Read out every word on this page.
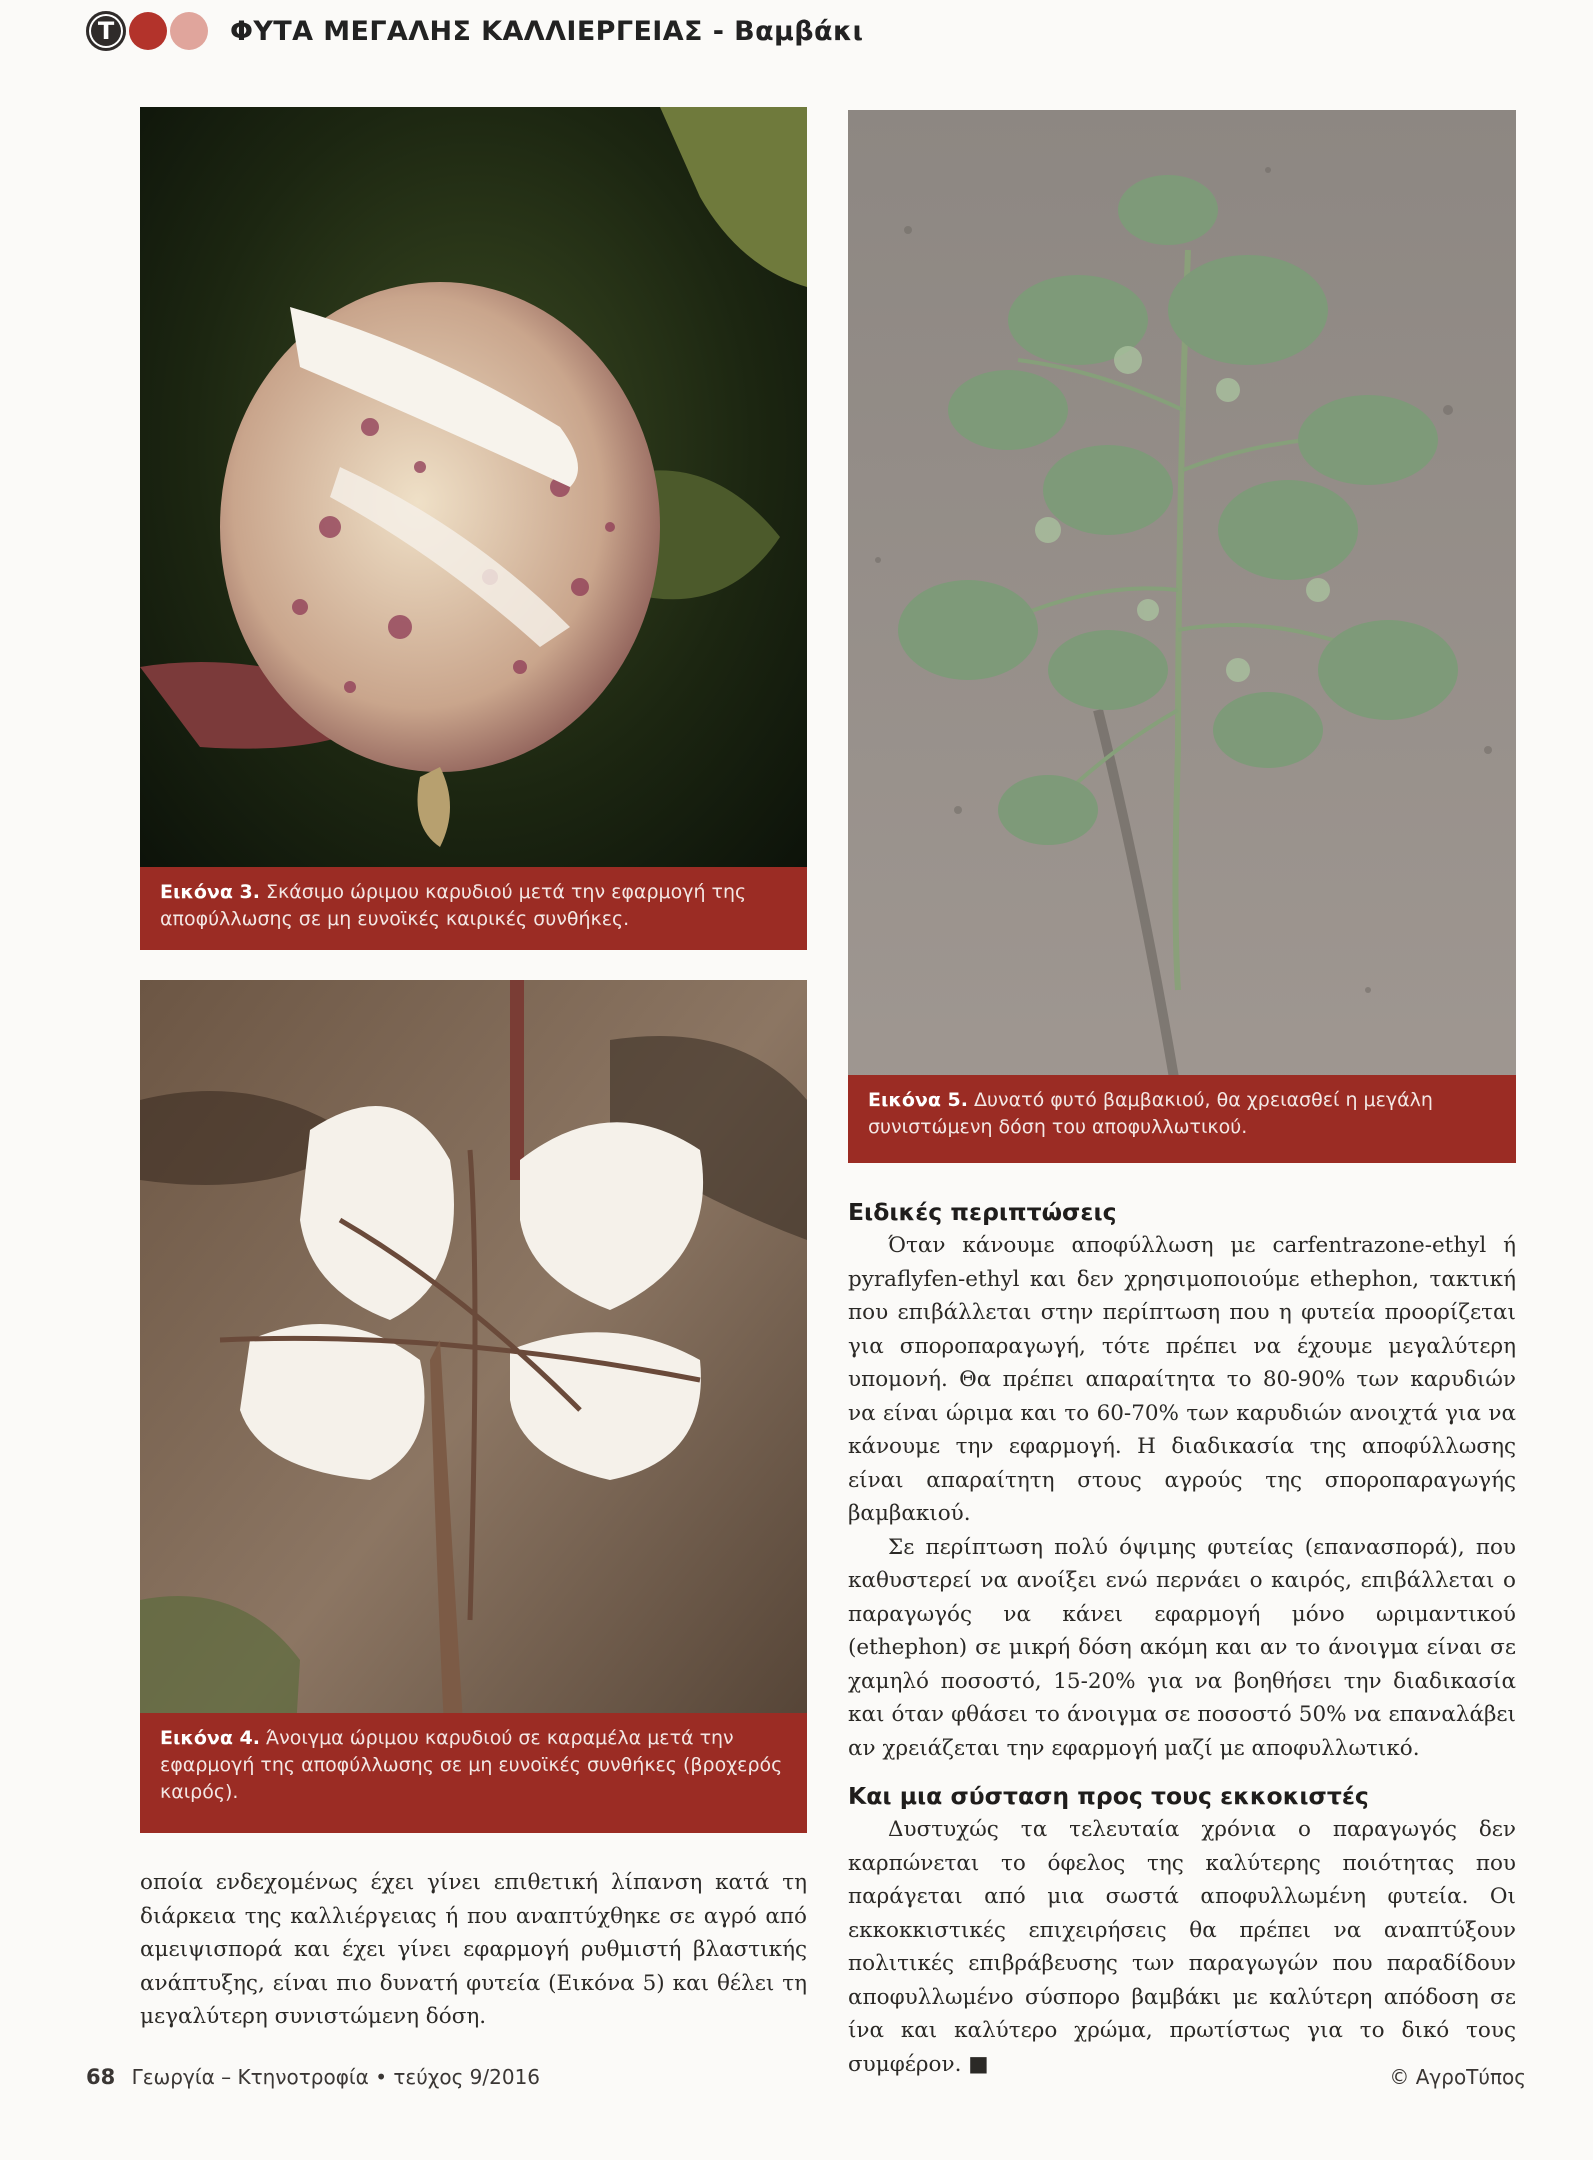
T	ΦΥΤΑ ΜΕΓΑΛΗΣ ΚΑΛΛΙΕΡΓΕΙΑΣ - Βαμβάκι
Εικόνα 3. Σκάσιμο ώριμου καρυδιού μετά την εφαρμογή της αποφύλλωσης σε μη ευνοϊκές καιρικές συνθήκες.
Εικόνα 4. Άνοιγμα ώριμου καρυδιού σε καραμέλα μετά την εφαρμογή της αποφύλλωσης σε μη ευνοϊκές συνθήκες (βροχερός καιρός).
Εικόνα 5. Δυνατό φυτό βαμβακιού, θα χρειασθεί η μεγάλη συνιστώμενη δόση του αποφυλλωτικού.

οποία ενδεχομένως έχει γίνει επιθετική λίπανση κατά τη διάρκεια της καλλιέργειας ή που αναπτύχθηκε σε αγρό από αμειψισπορά και έχει γίνει εφαρμογή ρυθμιστή βλαστικής ανάπτυξης, είναι πιο δυνατή φυτεία (Εικόνα 5) και θέλει τη μεγαλύτερη συνιστώμενη δόση.

Ειδικές περιπτώσεις

Όταν κάνουμε αποφύλλωση με carfentrazone-ethyl ή pyraflyfen-ethyl και δεν χρησιμοποιούμε ethephon, τακτική που επιβάλλεται στην περίπτωση που η φυτεία προορίζεται για σποροπαραγωγή, τότε πρέπει να έχουμε μεγαλύτερη υπομονή. Θα πρέπει απαραίτητα το 80-90% των καρυδιών να είναι ώριμα και το 60-70% των καρυδιών ανοιχτά για να κάνουμε την εφαρμογή. Η διαδικασία της αποφύλλωσης είναι απαραίτητη στους αγρούς της σποροπαραγωγής βαμβακιού.

Σε περίπτωση πολύ όψιμης φυτείας (επανασπορά), που καθυστερεί να ανοίξει ενώ περνάει ο καιρός, επιβάλλεται ο παραγωγός να κάνει εφαρμογή μόνο ωριμαντικού (ethephon) σε μικρή δόση ακόμη και αν το άνοιγμα είναι σε χαμηλό ποσοστό, 15-20% για να βοηθήσει την διαδικασία και όταν φθάσει το άνοιγμα σε ποσοστό 50% να επαναλάβει αν χρειάζεται την εφαρμογή μαζί με αποφυλλωτικό.

Και μια σύσταση προς τους εκκοκιστές

Δυστυχώς τα τελευταία χρόνια ο παραγωγός δεν καρπώνεται το όφελος της καλύτερης ποιότητας που παράγεται από μια σωστά αποφυλλωμένη φυτεία. Οι εκκοκκιστικές επιχειρήσεις θα πρέπει να αναπτύξουν πολιτικές επιβράβευσης των παραγωγών που παραδίδουν αποφυλλωμένο σύσπορο βαμβάκι με καλύτερη απόδοση σε ίνα και καλύτερο χρώμα, πρωτίστως για το δικό τους συμφέρον. ■

68 Γεωργία – Κτηνοτροφία • τεύχος 9/2016	© ΑγροΤύπος
